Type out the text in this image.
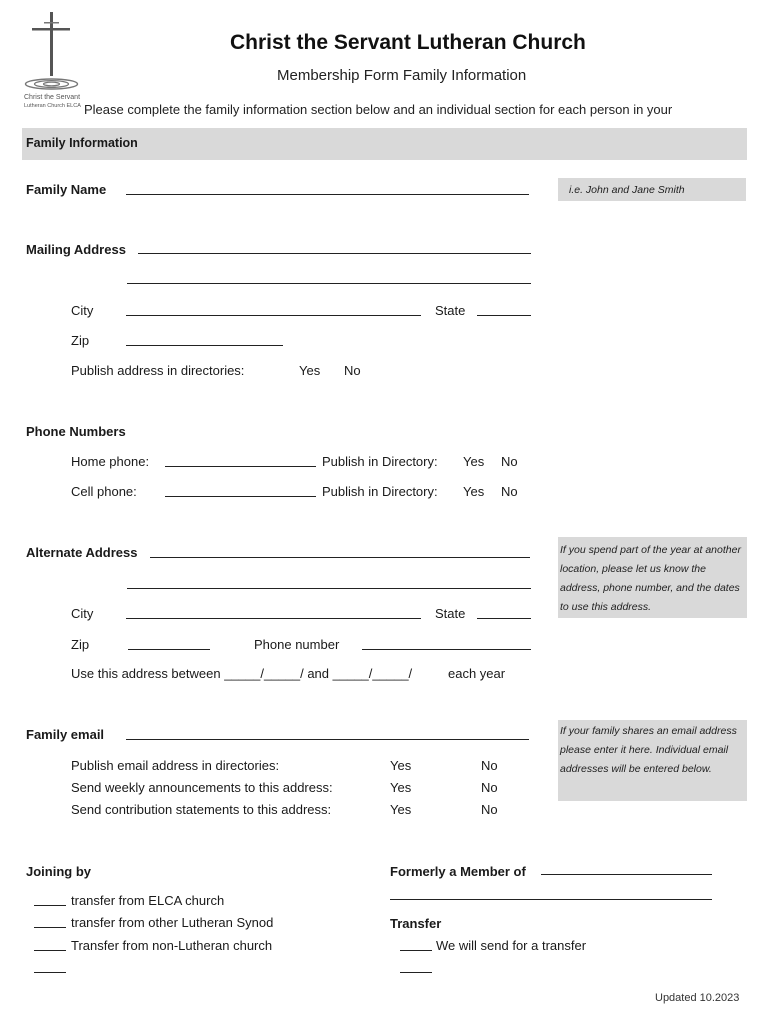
Christ the Servant
Lutheran Church ELCA
Christ the Servant Lutheran Church
Membership Form Family Information
Please complete the family information section below and an individual section for each person in your
Family Information
Family Name	i.e. John and Jane Smith
Mailing Address
City	State
Zip
Publish address in directories:	Yes No
Phone Numbers
Home phone:	Publish in Directory: Yes No
Cell phone:	Publish in Directory: Yes No
Alternate Address
City	State
Zip	Phone number
Use this address between _____/_____/ and _____/_____/	each year
If you spend part of the year at another location, please let us know the address, phone number, and the dates to use this address.
Family email
Publish email address in directories:	Yes	No
Send weekly announcements to this address:	Yes	No
Send contribution statements to this address:	Yes	No
If your family shares an email address please enter it here. Individual email addresses will be entered below.
Joining by
transfer from ELCA church
transfer from other Lutheran Synod
Transfer from non-Lutheran church
Formerly a Member of
Transfer
We will send for a transfer
Updated 10.2023
